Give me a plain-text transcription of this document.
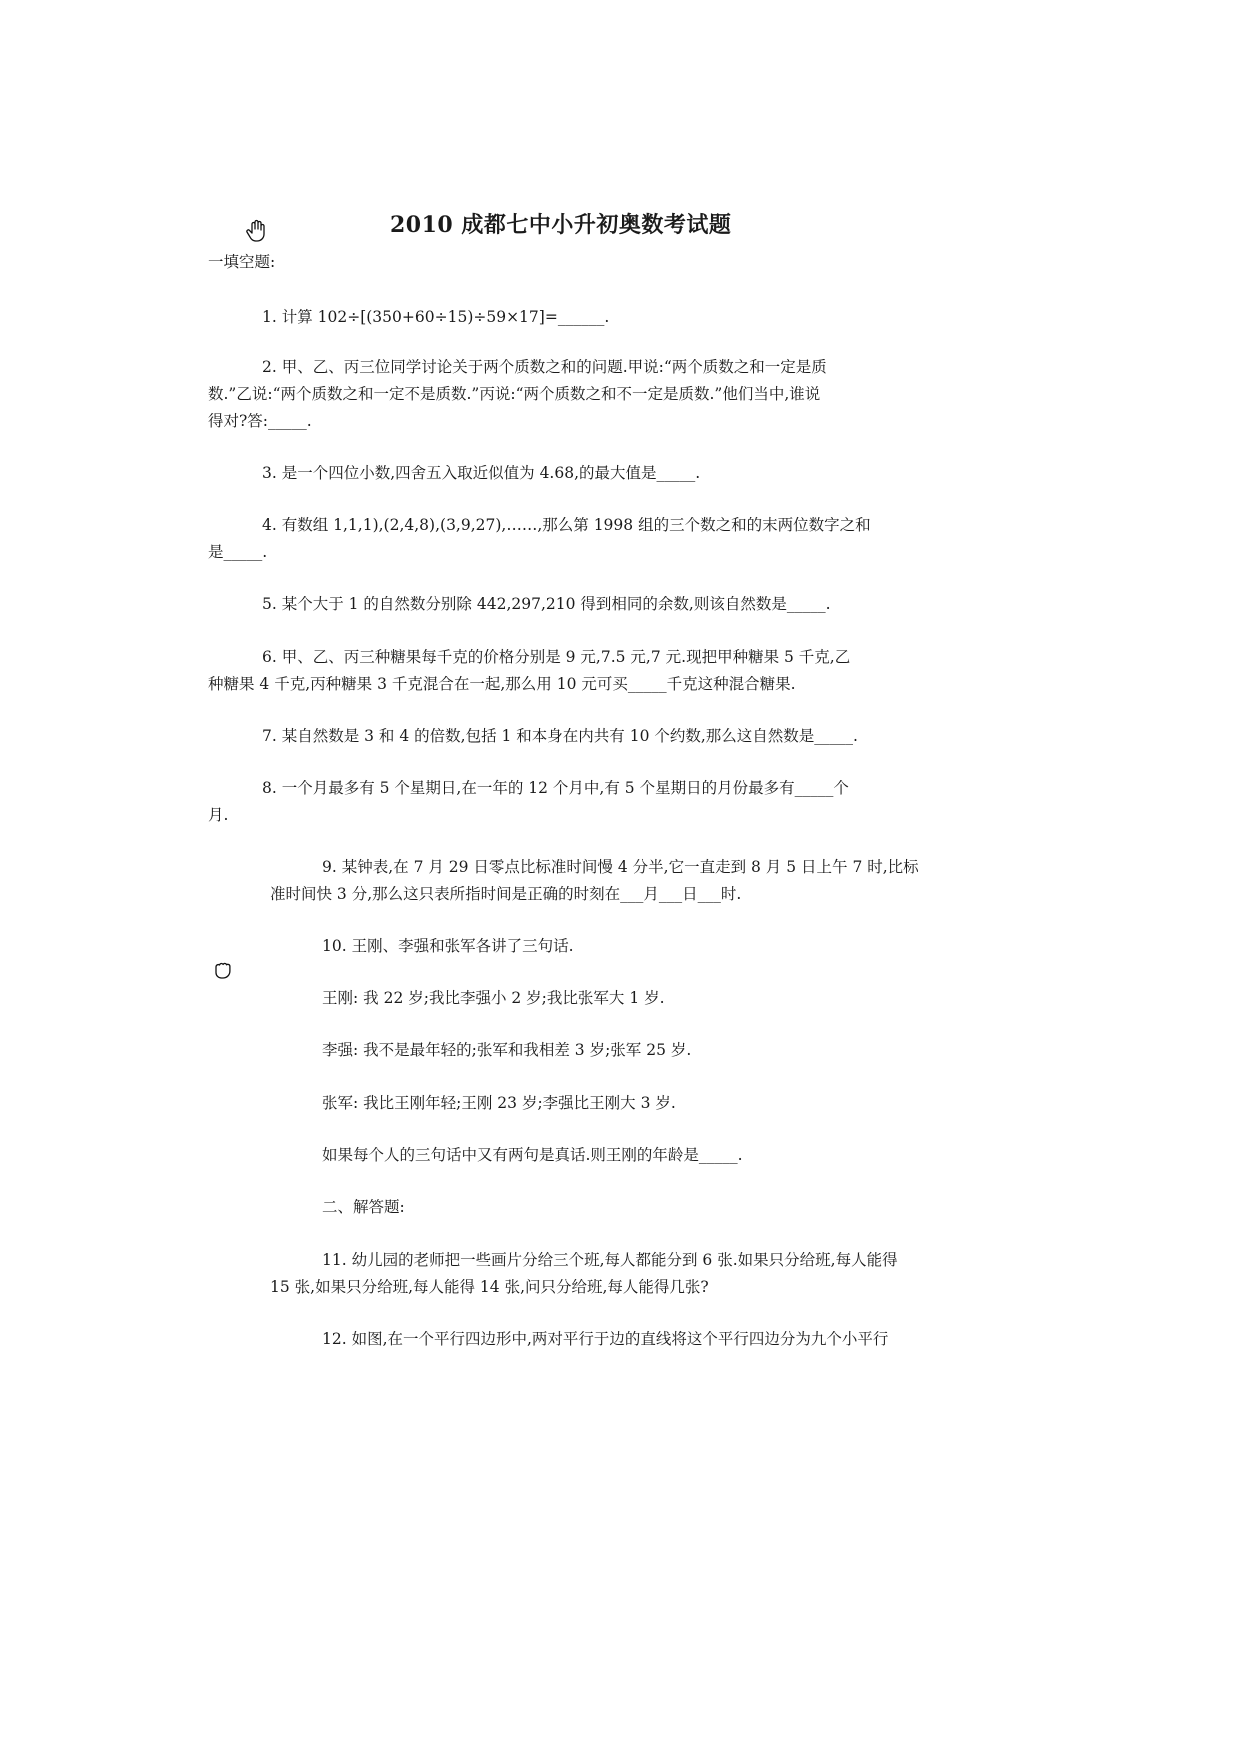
2010 成都七中小升初奥数考试题
一填空题:
1. 计算 102÷[(350+60÷15)÷59×17]=______.
2. 甲、乙、丙三位同学讨论关于两个质数之和的问题.甲说:“两个质数之和一定是质
数.”乙说:“两个质数之和一定不是质数.”丙说:“两个质数之和不一定是质数.”他们当中,谁说
得对?答:_____.
3. 是一个四位小数,四舍五入取近似值为 4.68,的最大值是_____.
4. 有数组 1,1,1),(2,4,8),(3,9,27),……,那么第 1998 组的三个数之和的末两位数字之和
是_____.
5. 某个大于 1 的自然数分别除 442,297,210 得到相同的余数,则该自然数是_____.
6. 甲、乙、丙三种糖果每千克的价格分别是 9 元,7.5 元,7 元.现把甲种糖果 5 千克,乙
种糖果 4 千克,丙种糖果 3 千克混合在一起,那么用 10 元可买_____千克这种混合糖果.
7. 某自然数是 3 和 4 的倍数,包括 1 和本身在内共有 10 个约数,那么这自然数是_____.
8. 一个月最多有 5 个星期日,在一年的 12 个月中,有 5 个星期日的月份最多有_____个
月.
9. 某钟表,在 7 月 29 日零点比标准时间慢 4 分半,它一直走到 8 月 5 日上午 7 时,比标
准时间快 3 分,那么这只表所指时间是正确的时刻在___月___日___时.
10. 王刚、李强和张军各讲了三句话.
王刚: 我 22 岁;我比李强小 2 岁;我比张军大 1 岁.
李强: 我不是最年轻的;张军和我相差 3 岁;张军 25 岁.
张军: 我比王刚年轻;王刚 23 岁;李强比王刚大 3 岁.
如果每个人的三句话中又有两句是真话.则王刚的年龄是_____.
二、解答题:
11. 幼儿园的老师把一些画片分给三个班,每人都能分到 6 张.如果只分给班,每人能得
15 张,如果只分给班,每人能得 14 张,问只分给班,每人能得几张?
12. 如图,在一个平行四边形中,两对平行于边的直线将这个平行四边分为九个小平行
